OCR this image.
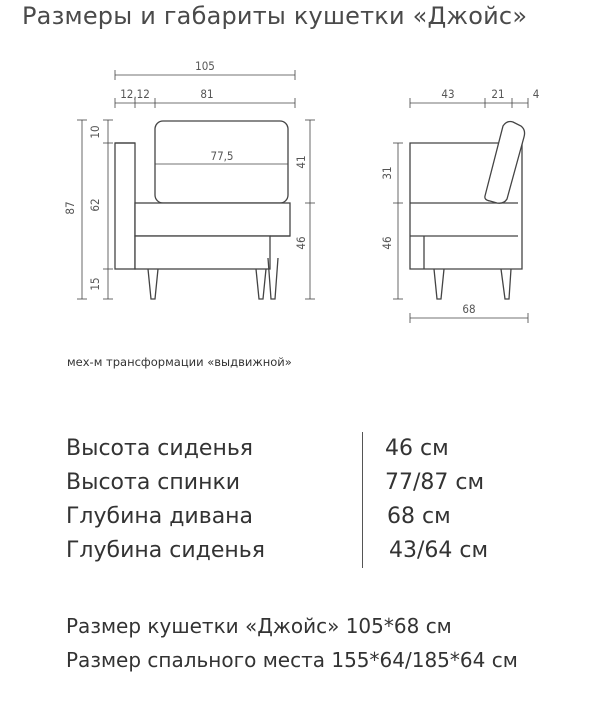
Размеры и габариты кушетки «Джойс»
105
12,12	81
77,5
10
87 62
15
41
46
43	21 4
31
46
68
мех-м трансформации «выдвижной»
Высота сиденья	46 см
Высота спинки	77/87 см
Глубина дивана	68 см
Глубина сиденья	43/64 см
Размер кушетки «Джойс» 105*68 см
Размер спального места 155*64/185*64 см
